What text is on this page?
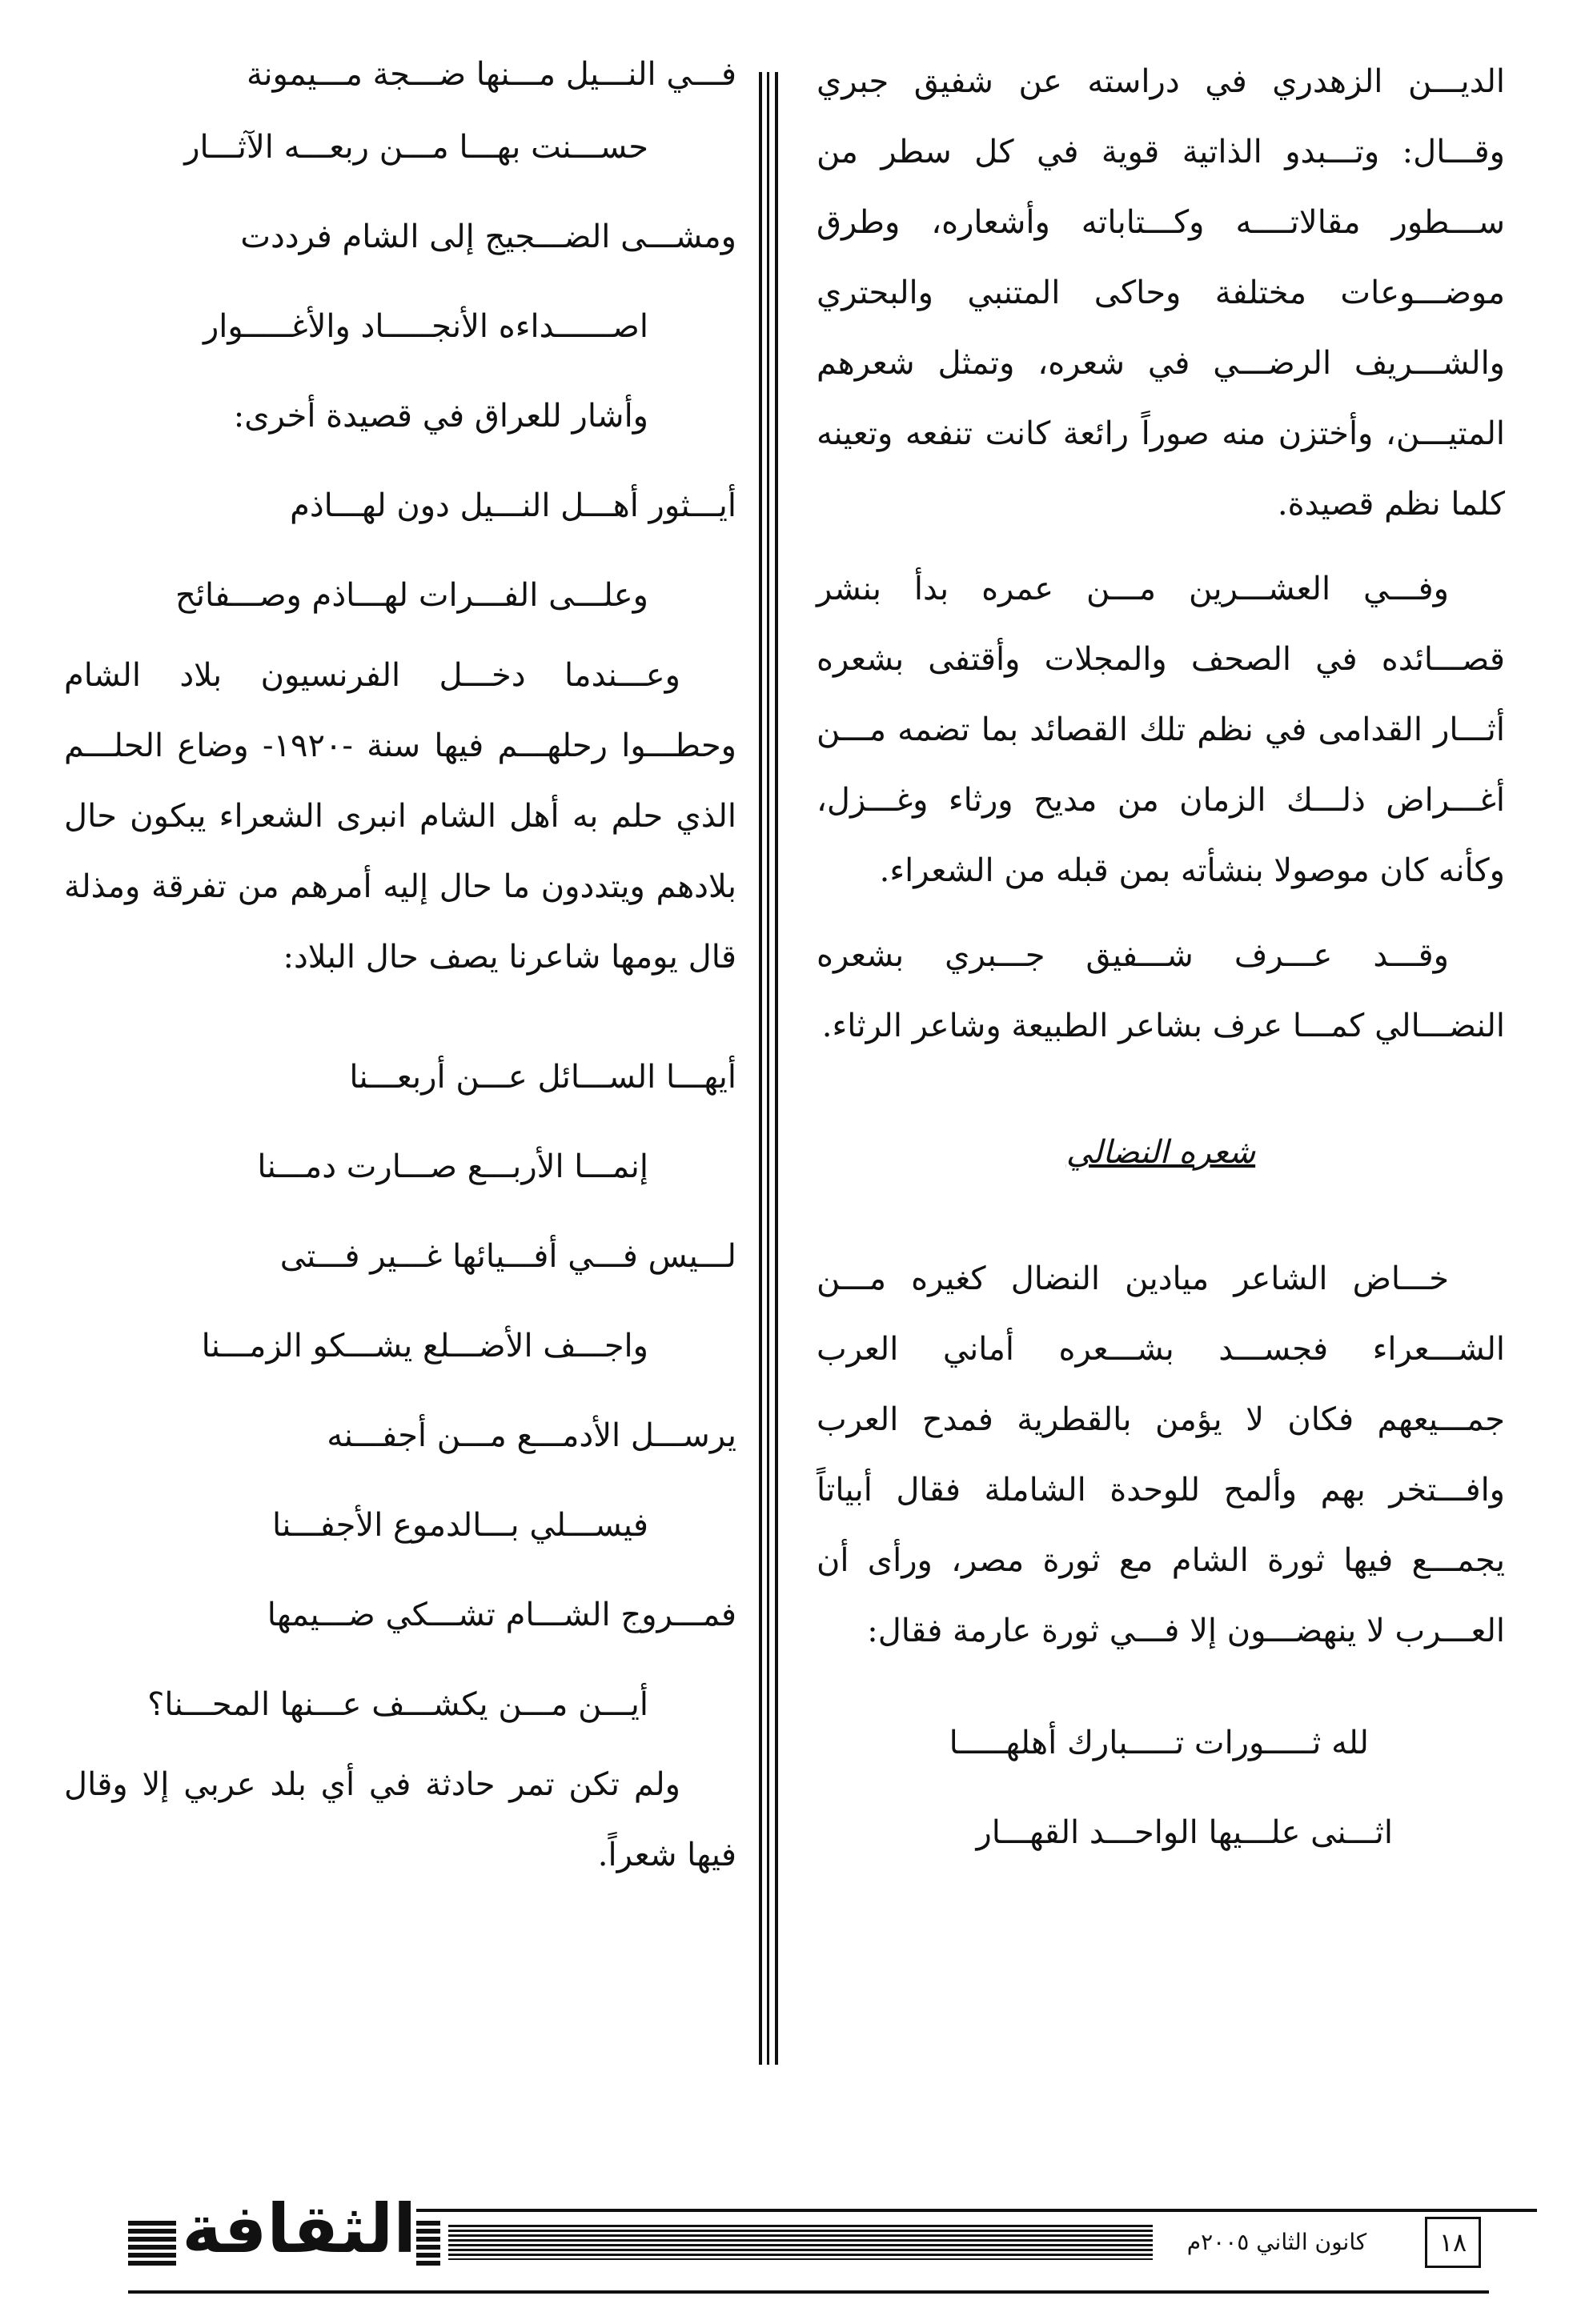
الديـــن الزهدري في دراسته عن شفيق جبري وقـــال: وتـــبدو الذاتية قوية في كل سطر من ســـطور مقالاتــــه وكـــتاباته وأشعاره، وطرق موضـــوعات مختلفة وحاكى المتنبي والبحتري والشـــريف الرضـــي في شعره، وتمثل شعرهم المتيـــن، وأختزن منه صوراً رائعة كانت تنفعه وتعينه كلما نظم قصيدة.

وفـــي العشـــرين مـــن عمره بدأ بنشر قصـــائده في الصحف والمجلات وأقتفى بشعره أثـــار القدامى في نظم تلك القصائد بما تضمه مـــن أغـــراض ذلـــك الزمان من مديح ورثاء وغـــزل، وكأنه كان موصولا بنشأته بمن قبله من الشعراء.

وقـــد عـــرف شـــفيق جـــبري بشعره النضـــالي كمـــا عرف بشاعر الطبيعة وشاعر الرثاء.

شعره النضالي

خـــاض الشاعر ميادين النضال كغيره مـــن الشـــعراء فجســـد بشـــعره أماني العرب جمـــيعهم فكان لا يؤمن بالقطرية فمدح العرب وافـــتخر بهم وألمح للوحدة الشاملة فقال أبياتاً يجمـــع فيها ثورة الشام مع ثورة مصر، ورأى أن العـــرب لا ينهضـــون إلا فـــي ثورة عارمة فقال:

لله ثـــــورات تـــــبارك أهلهـــــا

اثـــنى علـــيها الواحـــد القهـــار

فـــي النـــيل مـــنها ضـــجة مـــيمونة

حســـنت بهـــا مـــن ربعـــه الآثـــار

ومشـــى الضـــجيج إلى الشام فرددت

اصــــــداءه الأنجـــــاد والأغـــــوار

وأشار للعراق في قصيدة أخرى:

أيـــثور أهـــل النـــيل دون لهـــاذم

وعلـــى الفـــرات لهـــاذم وصـــفائح

وعـــندما دخـــل الفرنسيون بلاد الشام وحطـــوا رحلهـــم فيها سنة -١٩٢٠- وضاع الحلـــم الذي حلم به أهل الشام انبرى الشعراء يبكون حال بلادهم ويتددون ما حال إليه أمرهم من تفرقة ومذلة قال يومها شاعرنا يصف حال البلاد:

أيهـــا الســـائل عـــن أربعـــنا

إنمـــا الأربـــع صـــارت دمـــنا

لـــيس فـــي أفـــيائها غـــير فـــتى

واجـــف الأضـــلع يشـــكو الزمـــنا

يرســـل الأدمـــع مـــن أجفـــنه

فيســـلي بـــالدموع الأجفـــنا

فمـــروج الشـــام تشـــكي ضـــيمها

أيـــن مـــن يكشـــف عـــنها المحـــنا؟

ولم تكن تمر حادثة في أي بلد عربي إلا وقال فيها شعراً.

الثقافة	كانون الثاني ٢٠٠٥م	١٨
